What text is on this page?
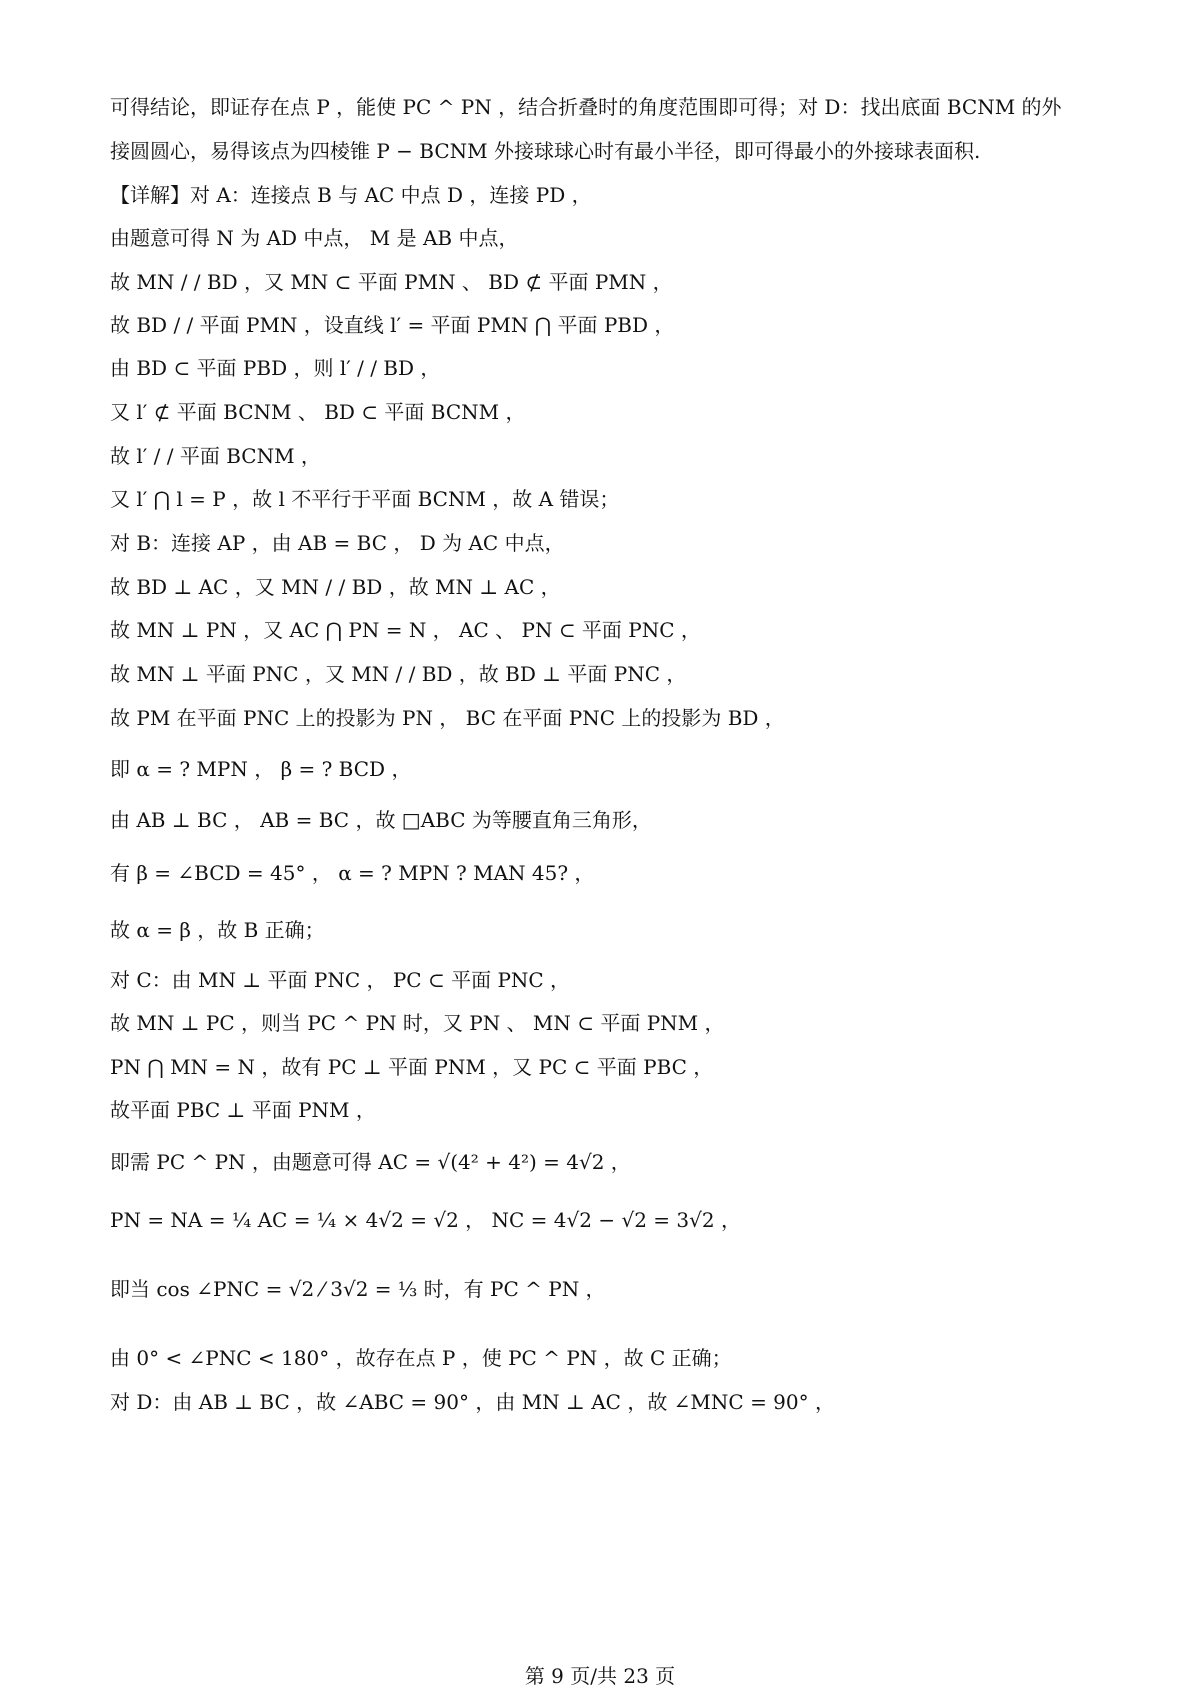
可得结论，即证存在点 P ，能使 PC ^ PN ，结合折叠时的角度范围即可得；对 D：找出底面 BCNM 的外
接圆圆心，易得该点为四棱锥 P − BCNM 外接球球心时有最小半径，即可得最小的外接球表面积.
【详解】对 A：连接点 B 与 AC 中点 D ，连接 PD ，
由题意可得 N 为 AD 中点， M 是 AB 中点，
故 MN / / BD ，又 MN ⊂ 平面 PMN 、 BD ⊄ 平面 PMN ，
故 BD / / 平面 PMN ，设直线 l′ = 平面 PMN ⋂ 平面 PBD ，
由 BD ⊂ 平面 PBD ，则 l′ / / BD ，
又 l′ ⊄ 平面 BCNM 、 BD ⊂ 平面 BCNM ，
故 l′ / / 平面 BCNM ，
又 l′ ⋂ l = P ，故 l 不平行于平面 BCNM ，故 A 错误；
对 B：连接 AP ，由 AB = BC ， D 为 AC 中点，
故 BD ⊥ AC ，又 MN / / BD ，故 MN ⊥ AC ，
故 MN ⊥ PN ，又 AC ⋂ PN = N ， AC 、 PN ⊂ 平面 PNC ，
故 MN ⊥ 平面 PNC ，又 MN / / BD ，故 BD ⊥ 平面 PNC ，
故 PM 在平面 PNC 上的投影为 PN ， BC 在平面 PNC 上的投影为 BD ，
即 α = ? MPN ， β = ? BCD ，
由 AB ⊥ BC ， AB = BC ，故 □ABC 为等腰直角三角形，
有 β = ∠BCD = 45° ， α = ? MPN ? MAN 45? ，
故 α = β ，故 B 正确；
对 C：由 MN ⊥ 平面 PNC ， PC ⊂ 平面 PNC ，
故 MN ⊥ PC ，则当 PC ^ PN 时，又 PN 、 MN ⊂ 平面 PNM ，
PN ⋂ MN = N ，故有 PC ⊥ 平面 PNM ，又 PC ⊂ 平面 PBC ，
故平面 PBC ⊥ 平面 PNM ，
即需 PC ^ PN ，由题意可得 AC = √(4² + 4²) = 4√2 ，
PN = NA = ¼ AC = ¼ × 4√2 = √2 ， NC = 4√2 − √2 = 3√2 ，
即当 cos ∠PNC = √2 ⁄ 3√2 = ⅓ 时，有 PC ^ PN ，
由 0° < ∠PNC < 180° ，故存在点 P ，使 PC ^ PN ，故 C 正确；
对 D：由 AB ⊥ BC ，故 ∠ABC = 90° ，由 MN ⊥ AC ，故 ∠MNC = 90° ，
第 9 页/共 23 页
